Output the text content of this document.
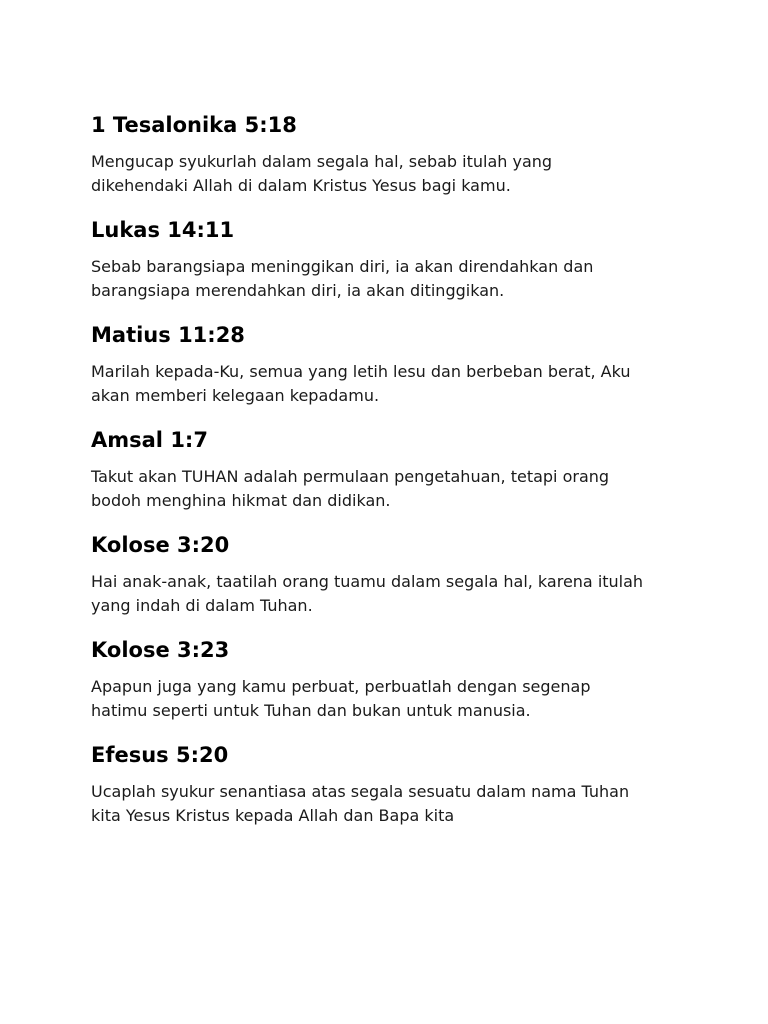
1 Tesalonika 5:18

Mengucap syukurlah dalam segala hal, sebab itulah yang
dikehendaki Allah di dalam Kristus Yesus bagi kamu.

Lukas 14:11

Sebab barangsiapa meninggikan diri, ia akan direndahkan dan
barangsiapa merendahkan diri, ia akan ditinggikan.

Matius 11:28

Marilah kepada-Ku, semua yang letih lesu dan berbeban berat, Aku
akan memberi kelegaan kepadamu.

Amsal 1:7

Takut akan TUHAN adalah permulaan pengetahuan, tetapi orang
bodoh menghina hikmat dan didikan.

Kolose 3:20

Hai anak-anak, taatilah orang tuamu dalam segala hal, karena itulah
yang indah di dalam Tuhan.

Kolose 3:23

Apapun juga yang kamu perbuat, perbuatlah dengan segenap
hatimu seperti untuk Tuhan dan bukan untuk manusia.

Efesus 5:20

Ucaplah syukur senantiasa atas segala sesuatu dalam nama Tuhan
kita Yesus Kristus kepada Allah dan Bapa kita
